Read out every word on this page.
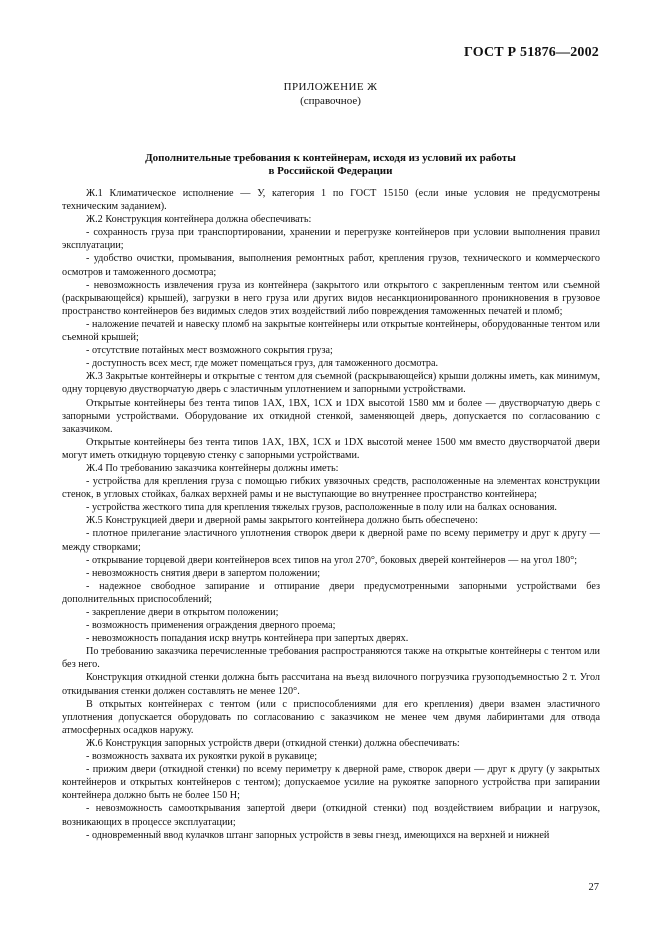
ГОСТ Р 51876—2002
ПРИЛОЖЕНИЕ Ж
(справочное)
Дополнительные требования к контейнерам, исходя из условий их работы
в Российской Федерации

Ж.1 Климатическое исполнение — У, категория 1 по ГОСТ 15150 (если иные условия не предусмотрены техническим заданием).

Ж.2 Конструкция контейнера должна обеспечивать:

- сохранность груза при транспортировании, хранении и перегрузке контейнеров при условии выполнения правил эксплуатации;

- удобство очистки, промывания, выполнения ремонтных работ, крепления грузов, технического и коммерческого осмотров и таможенного досмотра;

- невозможность извлечения груза из контейнера (закрытого или открытого с закрепленным тентом или съемной (раскрывающейся) крышей), загрузки в него груза или других видов несанкционированного проникновения в грузовое пространство контейнеров без видимых следов этих воздействий либо повреждения таможенных печатей и пломб;

- наложение печатей и навеску пломб на закрытые контейнеры или открытые контейнеры, оборудованные тентом или съемной крышей;

- отсутствие потайных мест возможного сокрытия груза;

- доступность всех мест, где может помещаться груз, для таможенного досмотра.

Ж.3 Закрытые контейнеры и открытые с тентом для съемной (раскрывающейся) крыши должны иметь, как минимум, одну торцевую двустворчатую дверь с эластичным уплотнением и запорными устройствами.

Открытые контейнеры без тента типов 1АХ, 1ВХ, 1СХ и 1DX высотой 1580 мм и более — двустворчатую дверь с запорными устройствами. Оборудование их откидной стенкой, заменяющей дверь, допускается по согласованию с заказчиком.

Открытые контейнеры без тента типов 1АХ, 1ВХ, 1СХ и 1DX высотой менее 1500 мм вместо двустворчатой двери могут иметь откидную торцевую стенку с запорными устройствами.

Ж.4 По требованию заказчика контейнеры должны иметь:

- устройства для крепления груза с помощью гибких увязочных средств, расположенные на элементах конструкции стенок, в угловых стойках, балках верхней рамы и не выступающие во внутреннее пространство контейнера;

- устройства жесткого типа для крепления тяжелых грузов, расположенные в полу или на балках основания.

Ж.5 Конструкцией двери и дверной рамы закрытого контейнера должно быть обеспечено:

- плотное прилегание эластичного уплотнения створок двери к дверной раме по всему периметру и друг к другу — между створками;

- открывание торцевой двери контейнеров всех типов на угол 270°, боковых дверей контейнеров — на угол 180°;

- невозможность снятия двери в запертом положении;

- надежное свободное запирание и отпирание двери предусмотренными запорными устройствами без дополнительных приспособлений;

- закрепление двери в открытом положении;

- возможность применения ограждения дверного проема;

- невозможность попадания искр внутрь контейнера при запертых дверях.

По требованию заказчика перечисленные требования распространяются также на открытые контейнеры с тентом или без него.

Конструкция откидной стенки должна быть рассчитана на въезд вилочного погрузчика грузоподъемностью 2 т. Угол откидывания стенки должен составлять не менее 120°.

В открытых контейнерах с тентом (или с приспособлениями для его крепления) двери взамен эластичного уплотнения допускается оборудовать по согласованию с заказчиком не менее чем двумя лабиринтами для отвода атмосферных осадков наружу.

Ж.6 Конструкция запорных устройств двери (откидной стенки) должна обеспечивать:

- возможность захвата их рукоятки рукой в рукавице;

- прижим двери (откидной стенки) по всему периметру к дверной раме, створок двери — друг к другу (у закрытых контейнеров и открытых контейнеров с тентом); допускаемое усилие на рукоятке запорного устройства при запирании контейнера должно быть не более 150 Н;

- невозможность самооткрывания запертой двери (откидной стенки) под воздействием вибрации и нагрузок, возникающих в процессе эксплуатации;

- одновременный ввод кулачков штанг запорных устройств в зевы гнезд, имеющихся на верхней и нижней

27
